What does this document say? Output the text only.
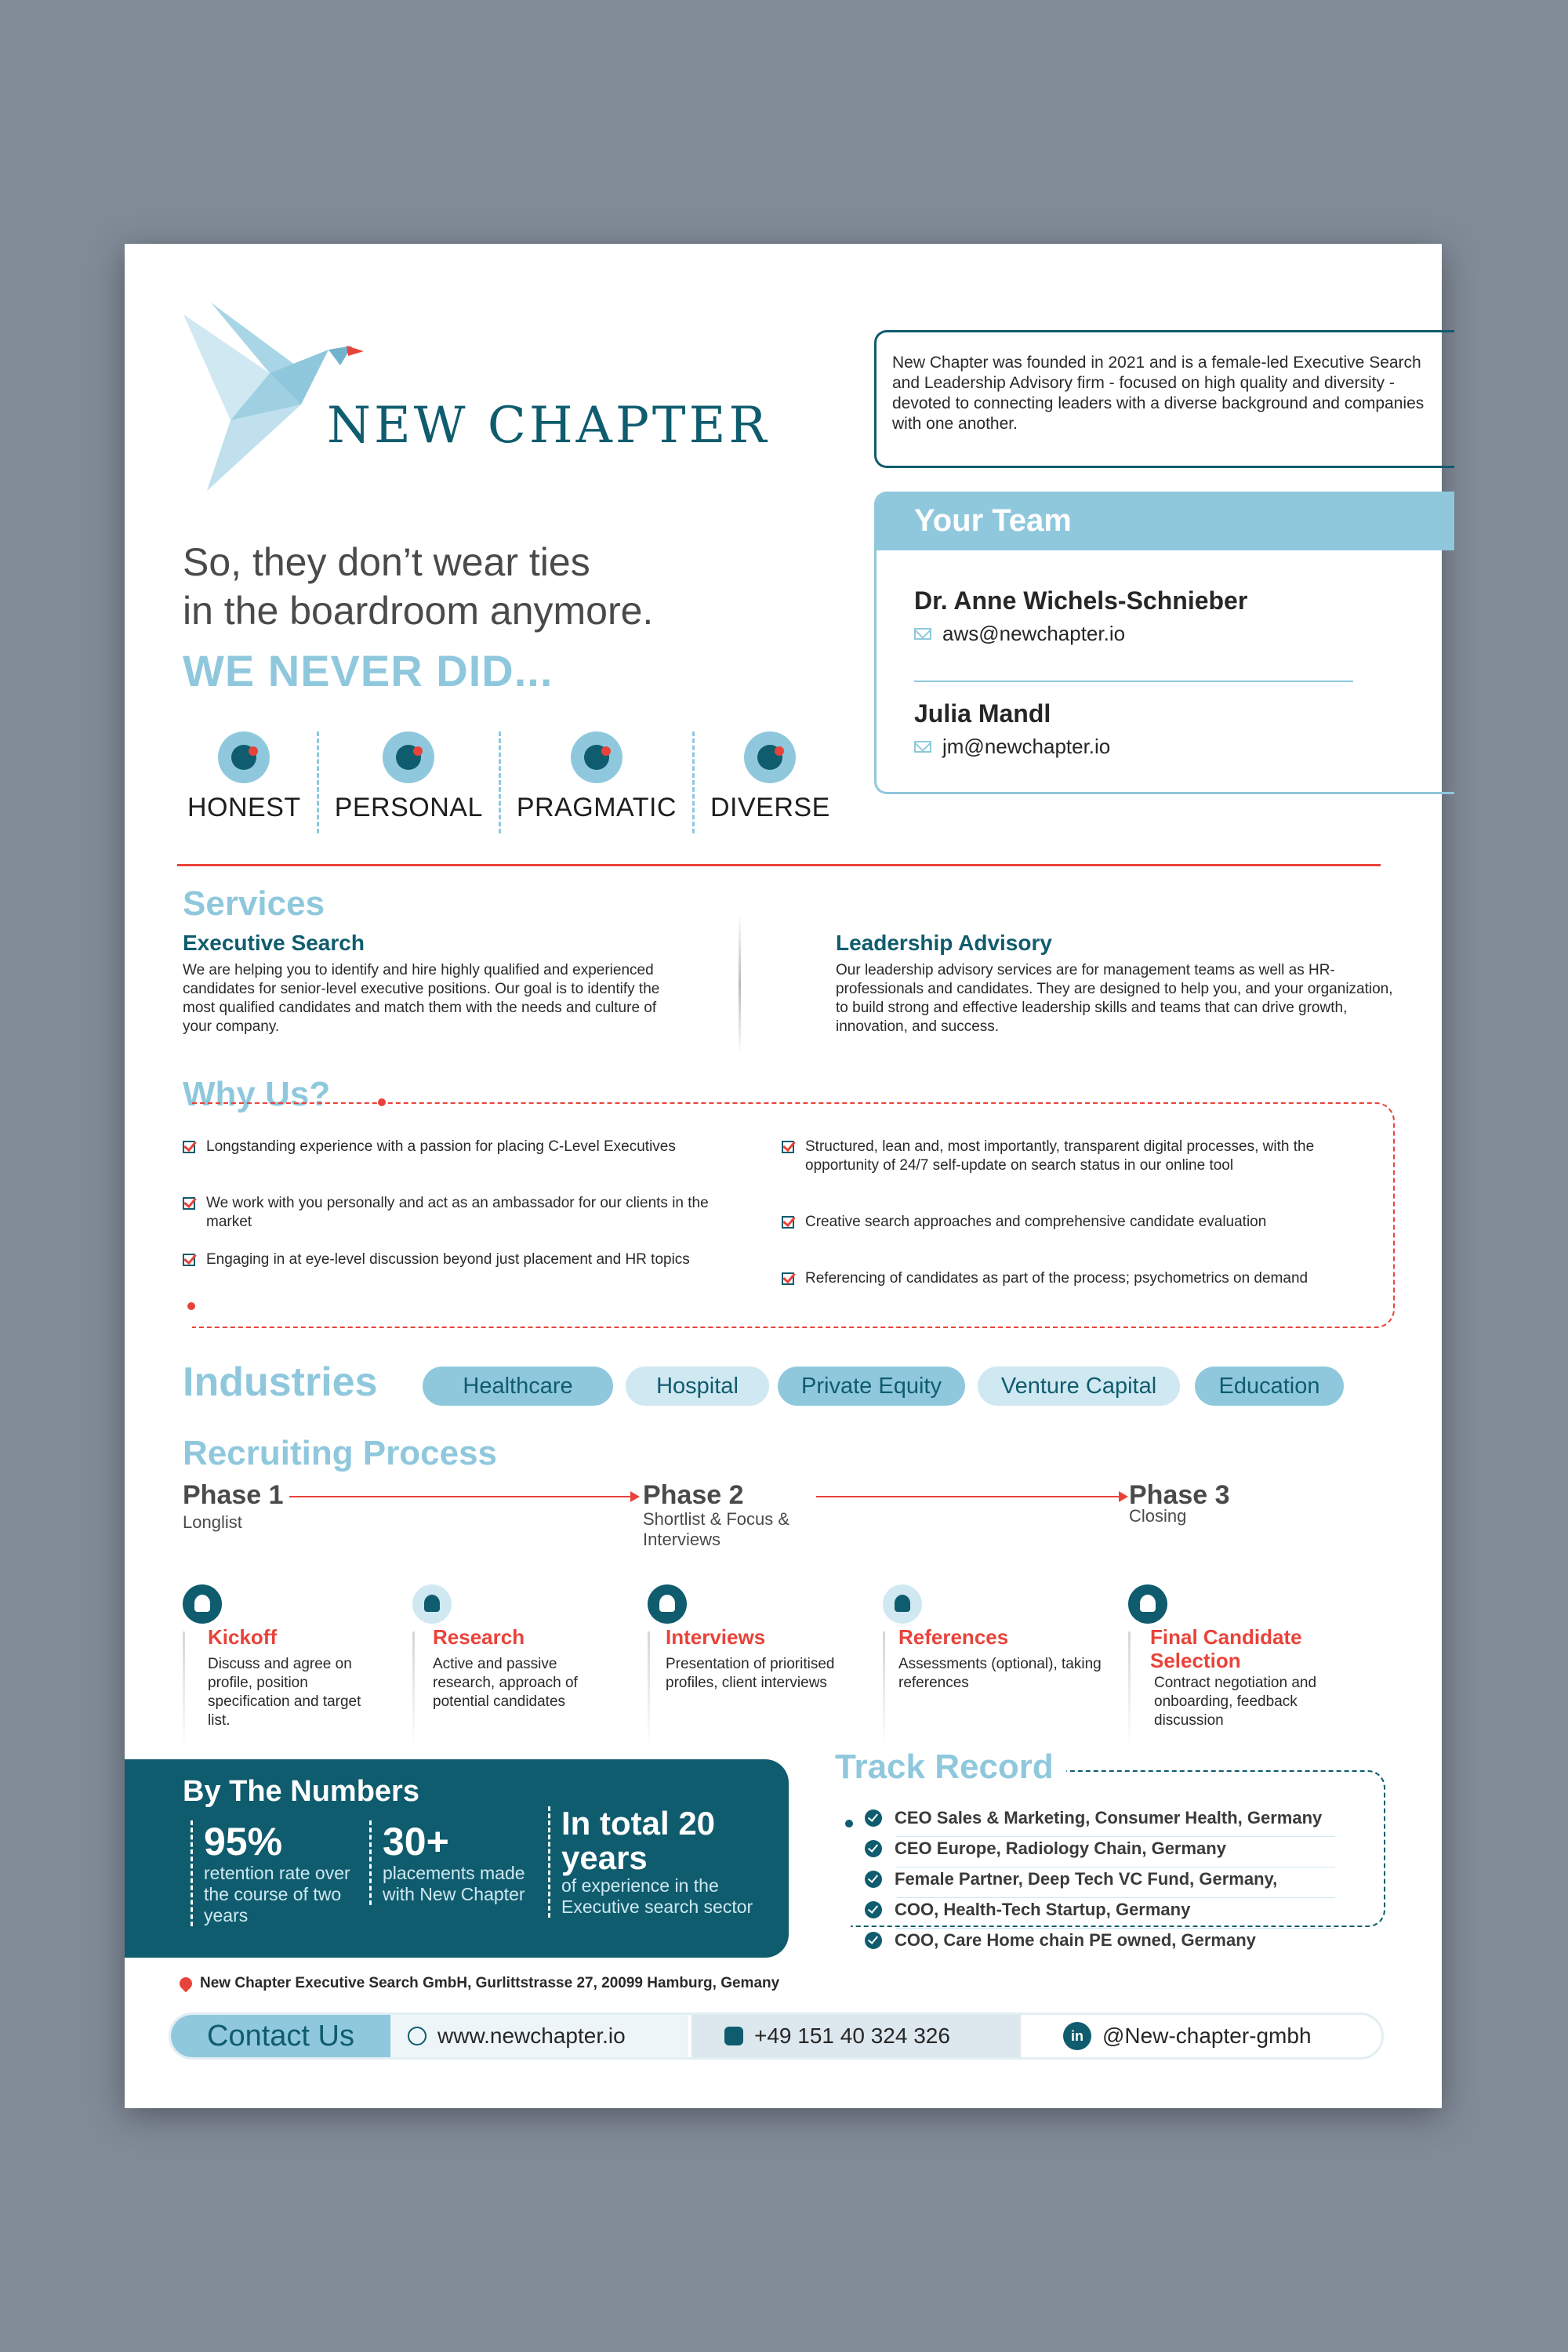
NEW CHAPTER
New Chapter was founded in 2021 and is a female-led Executive Search and Leadership Advisory firm - focused on high quality and diversity - devoted to connecting leaders with a diverse background and companies with one another.
Your Team
Dr. Anne Wichels-Schnieber
aws@newchapter.io
Julia Mandl
jm@newchapter.io
So, they don’t wear ties
in the boardroom anymore.
WE NEVER DID...
HONEST PERSONAL PRAGMATIC DIVERSE
Services
Executive Search
We are helping you to identify and hire highly qualified and experienced candidates for senior-level executive positions. Our goal is to identify the most qualified candidates and match them with the needs and culture of your company.
Leadership Advisory
Our leadership advisory services are for management teams as well as HR-professionals and candidates. They are designed to help you, and your organization, to build strong and effective leadership skills and teams that can drive growth, innovation, and success.
Why Us?
Longstanding experience with a passion for placing C-Level Executives
We work with you personally and act as an ambassador for our clients in the market
Engaging in at eye-level discussion beyond just placement and HR topics
Structured, lean and, most importantly, transparent digital processes, with the opportunity of 24/7 self-update on search status in our online tool
Creative search approaches and comprehensive candidate evaluation
Referencing of candidates as part of the process; psychometrics on demand
Industries	Healthcare	Hospital	Private Equity	Venture Capital	Education
Recruiting Process
Phase 1
Longlist
Phase 2
Shortlist & Focus & Interviews
Phase 3
Closing
Kickoff
Discuss and agree on profile, position specification and target list.
Research
Active and passive research, approach of potential candidates
Interviews
Presentation of prioritised profiles, client interviews
References
Assessments (optional), taking references
Final Candidate Selection
Contract negotiation and onboarding, feedback discussion
By The Numbers
95%
retention rate over the course of two years
30+
placements made with New Chapter
In total 20 years
of experience in the Executive search sector
Track Record
CEO Sales & Marketing, Consumer Health, Germany
CEO Europe, Radiology Chain, Germany
Female Partner, Deep Tech VC Fund, Germany,
COO, Health-Tech Startup, Germany
COO, Care Home chain PE owned, Germany
New Chapter Executive Search GmbH, Gurlittstrasse 27, 20099 Hamburg, Gemany
Contact Us	www.newchapter.io	+49 151 40 324 326	in @New-chapter-gmbh
